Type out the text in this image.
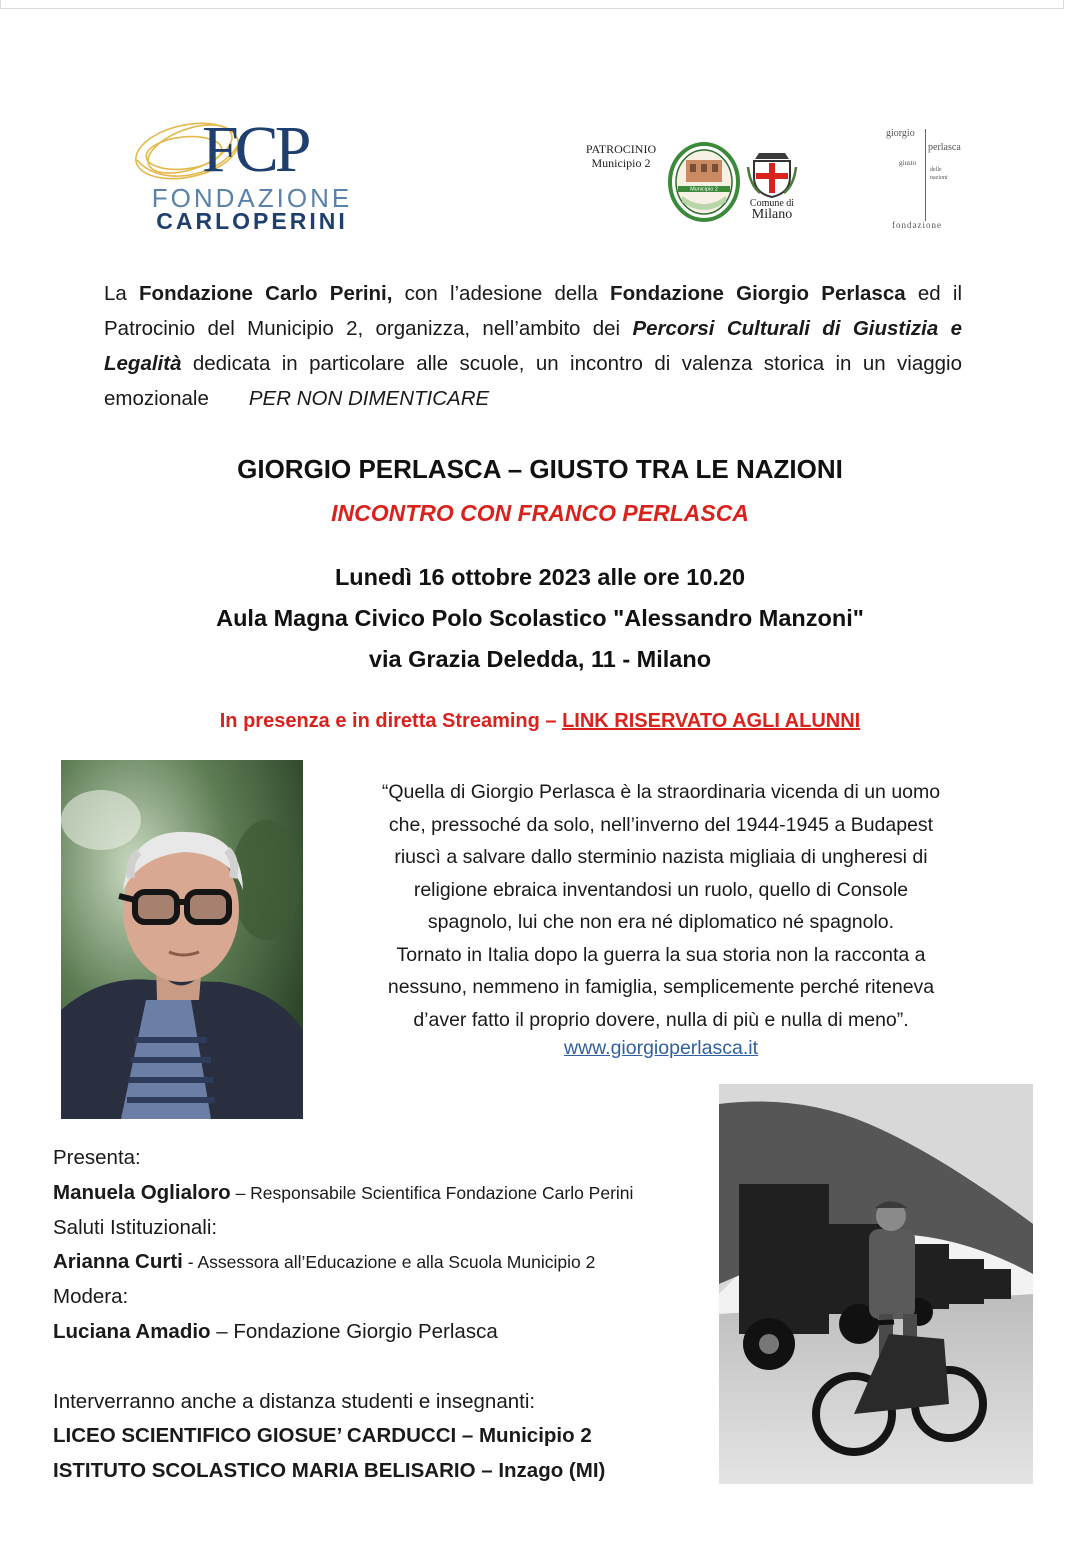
FCP
FONDAZIONE
CARLOPERINI
PATROCINIO
Municipio 2
Municipio 2
Comune di
Milano
giorgio
perlasca
giusto
delle
nazioni
fondazione
La Fondazione Carlo Perini, con l’adesione della Fondazione Giorgio Perlasca ed il Patrocinio del Municipio 2, organizza, nell’ambito dei Percorsi Culturali di Giustizia e Legalità dedicata in particolare alle scuole, un incontro di valenza storica in un viaggio emozionale PER NON DIMENTICARE
GIORGIO PERLASCA – GIUSTO TRA LE NAZIONI
INCONTRO CON FRANCO PERLASCA
Lunedì 16 ottobre 2023 alle ore 10.20
Aula Magna Civico Polo Scolastico "Alessandro Manzoni"
via Grazia Deledda, 11 - Milano
In presenza e in diretta Streaming – LINK RISERVATO AGLI ALUNNI
“Quella di Giorgio Perlasca è la straordinaria vicenda di un uomo
che, pressoché da solo, nell’inverno del 1944-1945 a Budapest
riuscì a salvare dallo sterminio nazista migliaia di ungheresi di
religione ebraica inventandosi un ruolo, quello di Console
spagnolo, lui che non era né diplomatico né spagnolo.
Tornato in Italia dopo la guerra la sua storia non la racconta a
nessuno, nemmeno in famiglia, semplicemente perché riteneva
d’aver fatto il proprio dovere, nulla di più e nulla di meno”.
www.giorgioperlasca.it
Presenta:
Manuela Oglialoro – Responsabile Scientifica Fondazione Carlo Perini
Saluti Istituzionali:
Arianna Curti - Assessora all’Educazione e alla Scuola Municipio 2
Modera:
Luciana Amadio – Fondazione Giorgio Perlasca
Interverranno anche a distanza studenti e insegnanti:
LICEO SCIENTIFICO GIOSUE’ CARDUCCI – Municipio 2
ISTITUTO SCOLASTICO MARIA BELISARIO – Inzago (MI)
